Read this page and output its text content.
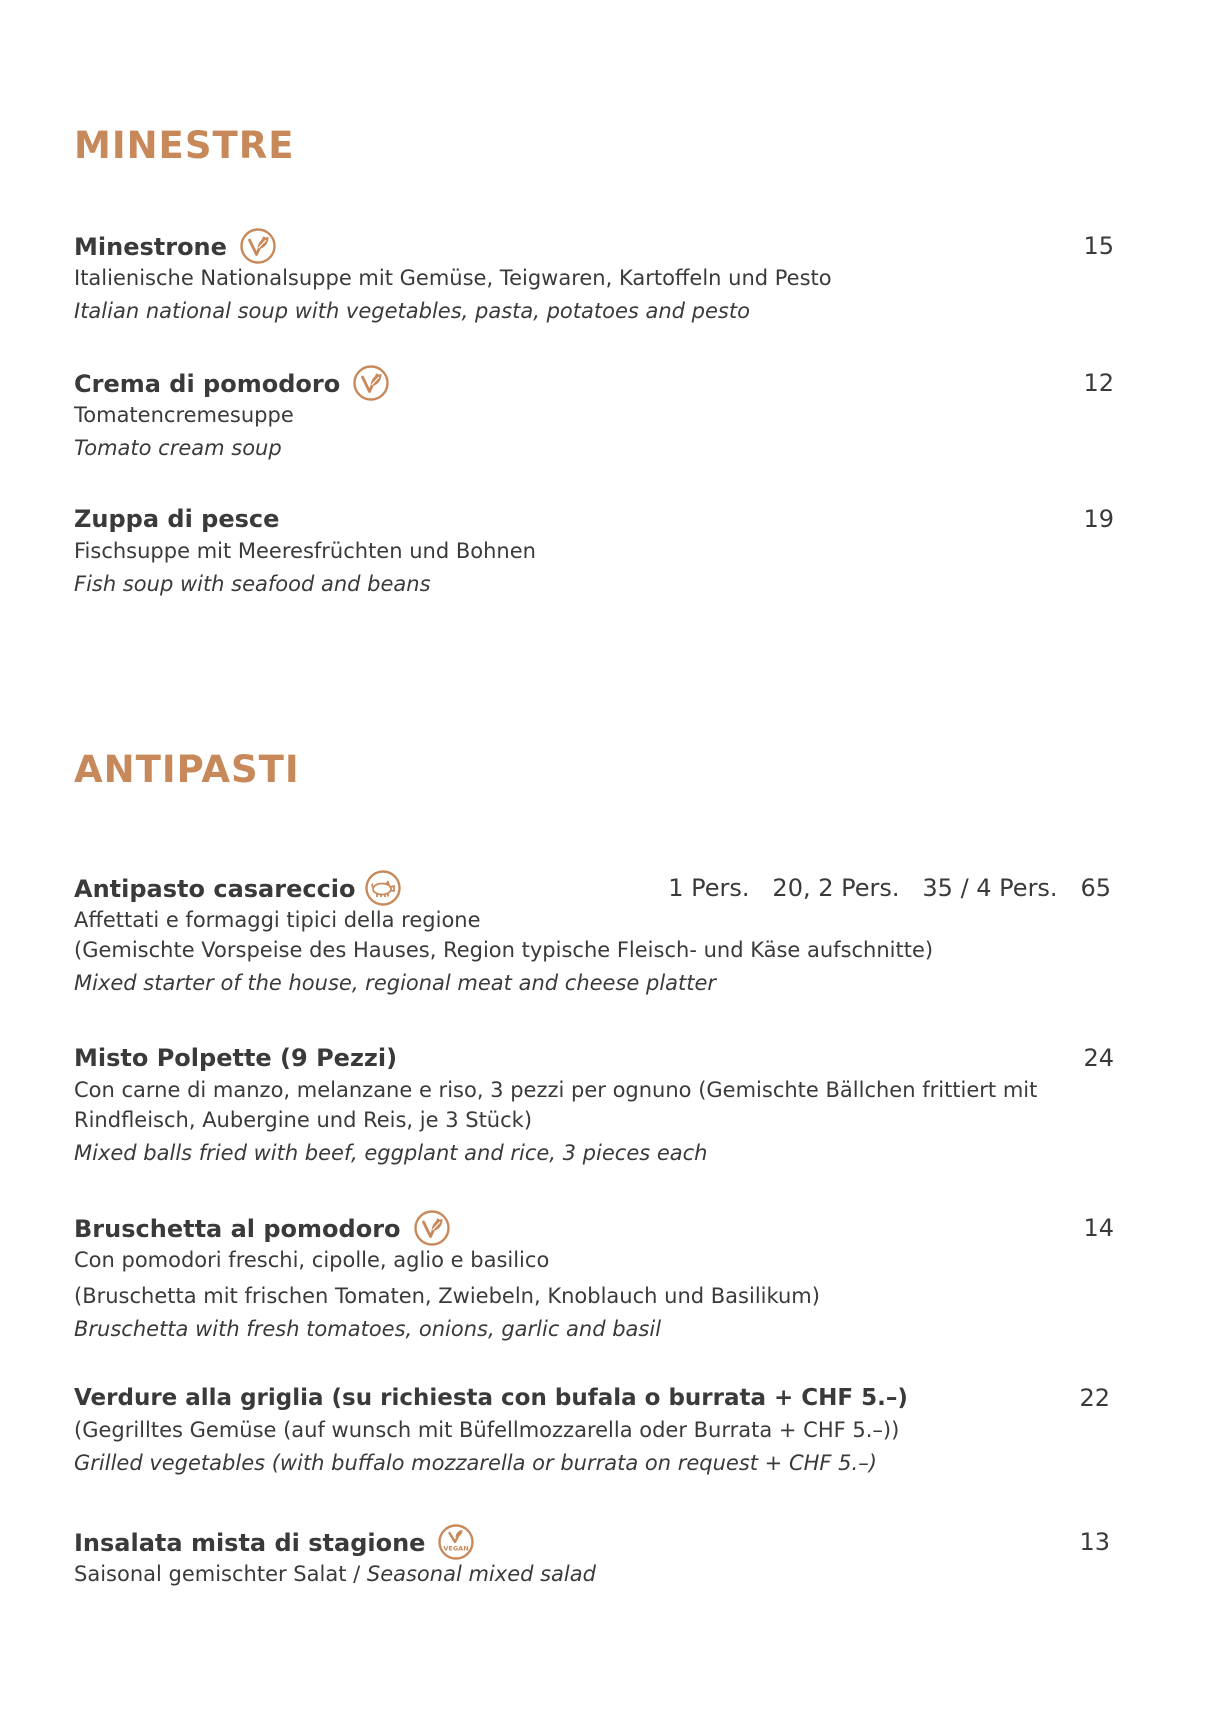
MINESTRE
Minestrone	15

Italienische Nationalsuppe mit Gemüse, Teigwaren, Kartoffeln und Pesto

Italian national soup with vegetables, pasta, potatoes and pesto

Crema di pomodoro	12

Tomatencremesuppe

Tomato cream soup

Zuppa di pesce	19

Fischsuppe mit Meeresfrüchten und Bohnen

Fish soup with seafood and beans

ANTIPASTI
Antipasto casareccio	1 Pers.   20, 2 Pers.   35 / 4 Pers.   65

Affettati e formaggi tipici della regione

(Gemischte Vorspeise des Hauses, Region typische Fleisch- und Käse aufschnitte)

Mixed starter of the house, regional meat and cheese platter

Misto Polpette (9 Pezzi)	24

Con carne di manzo, melanzane e riso, 3 pezzi per ognuno (Gemischte Bällchen frittiert mit Rindfleisch, Aubergine und Reis, je 3 Stück)

Mixed balls fried with beef, eggplant and rice, 3 pieces each

Bruschetta al pomodoro	14

Con pomodori freschi, cipolle, aglio e basilico

(Bruschetta mit frischen Tomaten, Zwiebeln, Knoblauch und Basilikum)

Bruschetta with fresh tomatoes, onions, garlic and basil

Verdure alla griglia (su richiesta con bufala o burrata + CHF 5.–)	22

(Gegrilltes Gemüse (auf wunsch mit Büfellmozzarella oder Burrata + CHF 5.–))

Grilled vegetables (with buffalo mozzarella or burrata on request + CHF 5.–)

Insalata mista di stagione	VEGAN	13

Saisonal gemischter Salat / Seasonal mixed salad
